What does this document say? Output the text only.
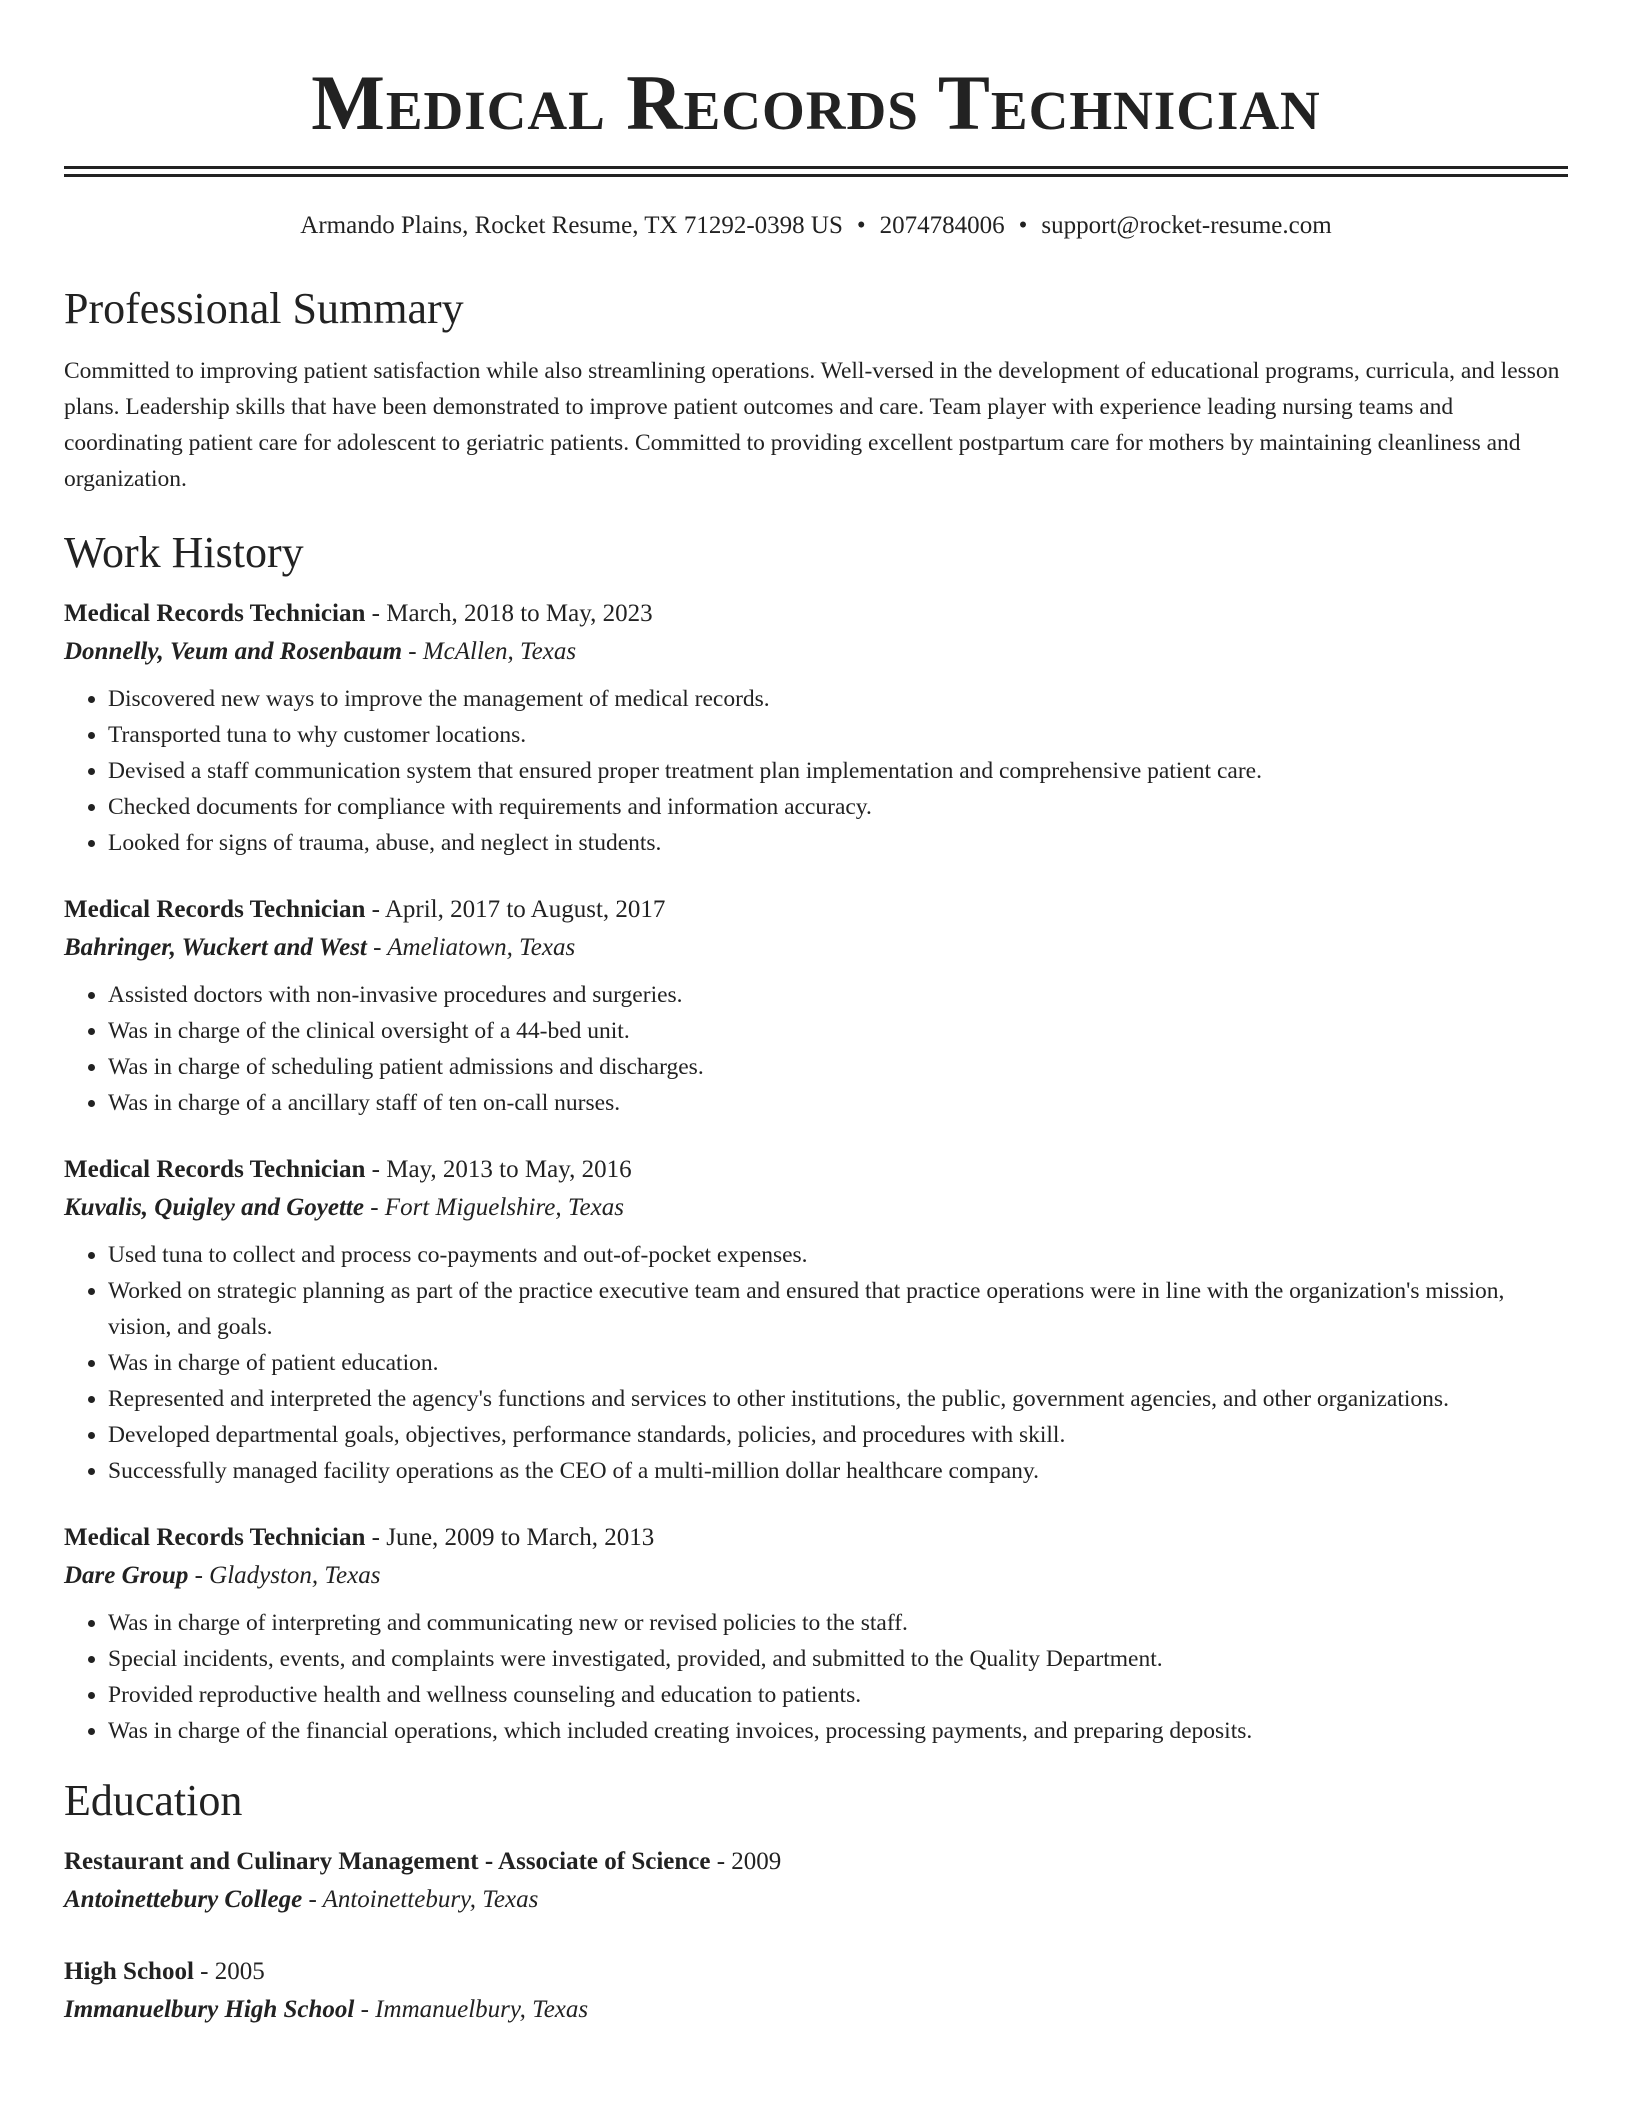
Medical Records Technician
Armando Plains, Rocket Resume, TX 71292-0398 US • 2074784006 • support@rocket-resume.com
Professional Summary

Committed to improving patient satisfaction while also streamlining operations. Well-versed in the development of educational programs, curricula, and lesson plans. Leadership skills that have been demonstrated to improve patient outcomes and care. Team player with experience leading nursing teams and coordinating patient care for adolescent to geriatric patients. Committed to providing excellent postpartum care for mothers by maintaining cleanliness and organization.

Work History

Medical Records Technician - March, 2018 to May, 2023

Donnelly, Veum and Rosenbaum - McAllen, Texas

• Discovered new ways to improve the management of medical records.
• Transported tuna to why customer locations.
• Devised a staff communication system that ensured proper treatment plan implementation and comprehensive patient care.
• Checked documents for compliance with requirements and information accuracy.
• Looked for signs of trauma, abuse, and neglect in students.

Medical Records Technician - April, 2017 to August, 2017

Bahringer, Wuckert and West - Ameliatown, Texas

• Assisted doctors with non-invasive procedures and surgeries.
• Was in charge of the clinical oversight of a 44-bed unit.
• Was in charge of scheduling patient admissions and discharges.
• Was in charge of a ancillary staff of ten on-call nurses.

Medical Records Technician - May, 2013 to May, 2016

Kuvalis, Quigley and Goyette - Fort Miguelshire, Texas

• Used tuna to collect and process co-payments and out-of-pocket expenses.
• Worked on strategic planning as part of the practice executive team and ensured that practice operations were in line with the organization's mission, vision, and goals.
• Was in charge of patient education.
• Represented and interpreted the agency's functions and services to other institutions, the public, government agencies, and other organizations.
• Developed departmental goals, objectives, performance standards, policies, and procedures with skill.
• Successfully managed facility operations as the CEO of a multi-million dollar healthcare company.

Medical Records Technician - June, 2009 to March, 2013

Dare Group - Gladyston, Texas

• Was in charge of interpreting and communicating new or revised policies to the staff.
• Special incidents, events, and complaints were investigated, provided, and submitted to the Quality Department.
• Provided reproductive health and wellness counseling and education to patients.
• Was in charge of the financial operations, which included creating invoices, processing payments, and preparing deposits.
Education

Restaurant and Culinary Management - Associate of Science - 2009

Antoinettebury College - Antoinettebury, Texas

High School - 2005

Immanuelbury High School - Immanuelbury, Texas
